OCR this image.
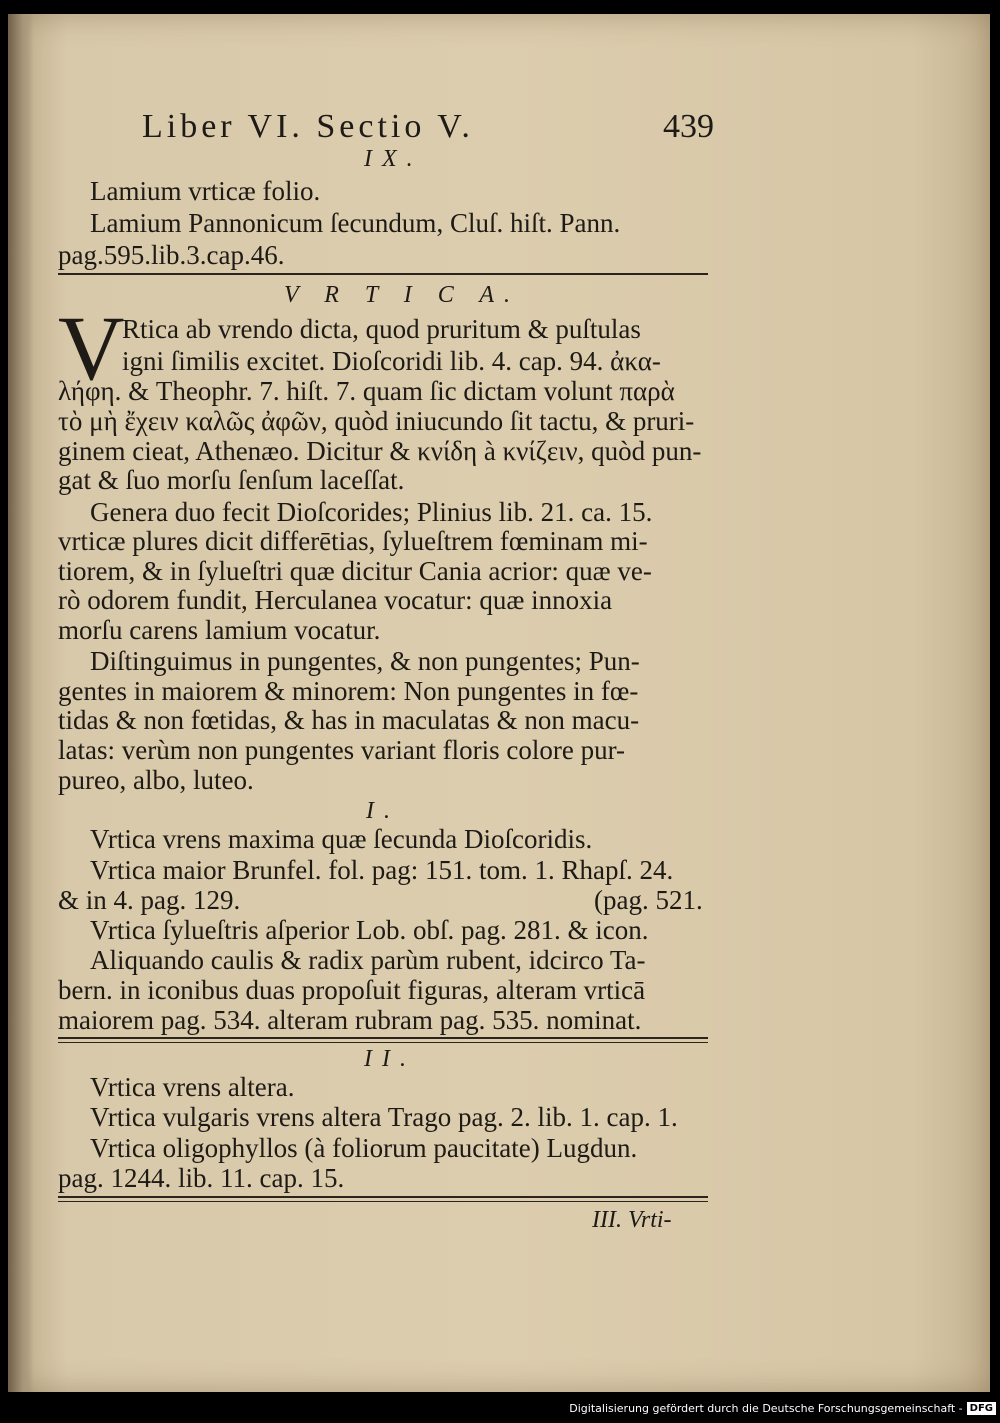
Liber VI. Sectio V.	439
IX.
Lamium vrticæ folio.
Lamium Pannonicum ſecundum, Cluſ. hiſt. Pann.
pag.595.lib.3.cap.46.
V R T I C A.
V
Rtica ab vrendo dicta, quod pruritum & puſtulas
igni ſimilis excitet. Dioſcoridi lib. 4. cap. 94. ἀκα-
λήφη. & Theophr. 7. hiſt. 7. quam ſic dictam volunt παρὰ
τὸ μὴ ἔχειν καλῶς ἀφῶν, quòd iniucundo ſit tactu, & pruri-
ginem cieat, Athenæo. Dicitur & κνίδη à κνίζειν, quòd pun-
gat & ſuo morſu ſenſum laceſſat.
Genera duo fecit Dioſcorides; Plinius lib. 21. ca. 15.
vrticæ plures dicit differētias, ſylueſtrem fœminam mi-
tiorem, & in ſylueſtri quæ dicitur Cania acrior: quæ ve-
rò odorem fundit, Herculanea vocatur: quæ innoxia
morſu carens lamium vocatur.
Diſtinguimus in pungentes, & non pungentes; Pun-
gentes in maiorem & minorem: Non pungentes in fœ-
tidas & non fœtidas, & has in maculatas & non macu-
latas: verùm non pungentes variant floris colore pur-
pureo, albo, luteo.
I.
Vrtica vrens maxima quæ ſecunda Dioſcoridis.
Vrtica maior Brunfel. fol. pag: 151. tom. 1. Rhapſ. 24.
& in 4. pag. 129.	(pag. 521.
Vrtica ſylueſtris aſperior Lob. obſ. pag. 281. & icon.
Aliquando caulis & radix parùm rubent, idcirco Ta-
bern. in iconibus duas propoſuit figuras, alteram vrticā
maiorem pag. 534. alteram rubram pag. 535. nominat.
II.
Vrtica vrens altera.
Vrtica vulgaris vrens altera Trago pag. 2. lib. 1. cap. 1.
Vrtica oligophyllos (à foliorum paucitate) Lugdun.
pag. 1244. lib. 11. cap. 15.
III. Vrti-
Digitalisierung gefördert durch die Deutsche Forschungsgemeinschaft - DFG
